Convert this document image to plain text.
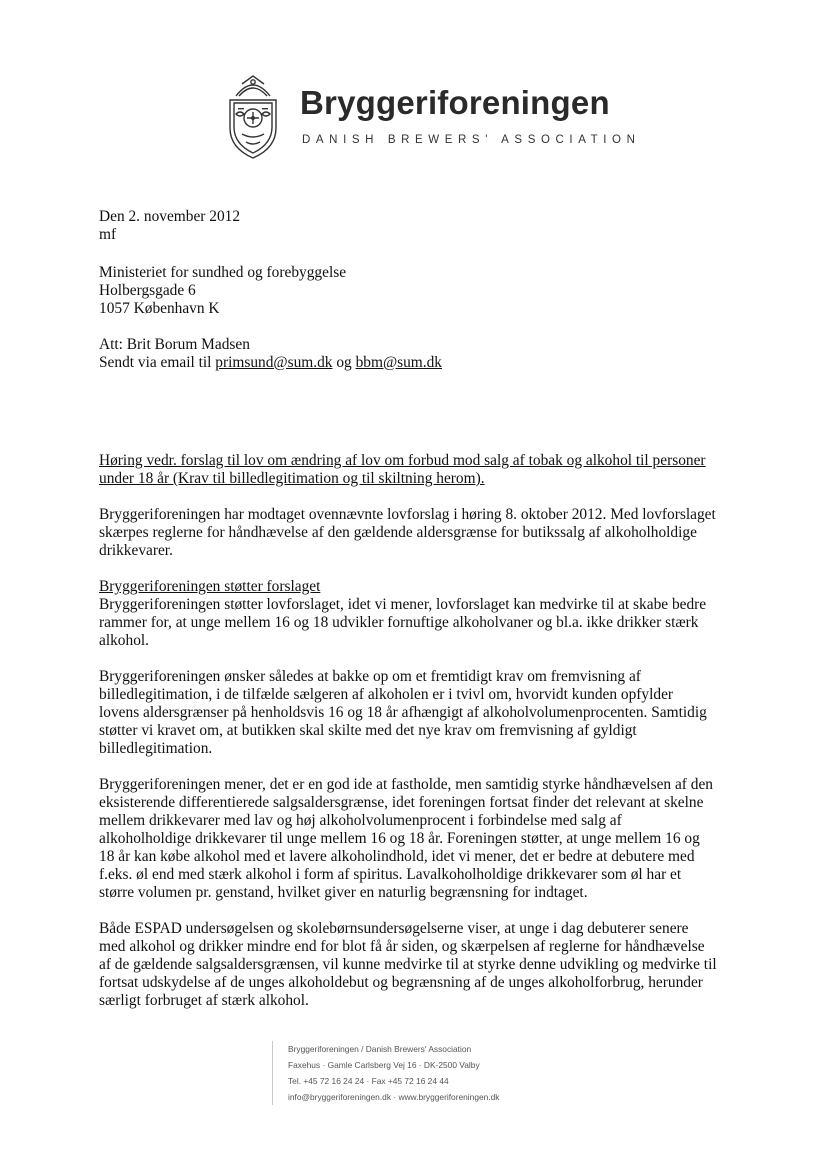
Bryggeriforeningen
DANISH BREWERS' ASSOCIATION
Den 2. november 2012
mf
Ministeriet for sundhed og forebyggelse
Holbergsgade 6
1057 København K
Att: Brit Borum Madsen
Sendt via email til primsund@sum.dk og bbm@sum.dk
Høring vedr. forslag til lov om ændring af lov om forbud mod salg af tobak og alkohol til personer
under 18 år (Krav til billedlegitimation og til skiltning herom).
Bryggeriforeningen har modtaget ovennævnte lovforslag i høring 8. oktober 2012. Med lovforslaget
skærpes reglerne for håndhævelse af den gældende aldersgrænse for butikssalg af alkoholholdige
drikkevarer.
Bryggeriforeningen støtter forslaget
Bryggeriforeningen støtter lovforslaget, idet vi mener, lovforslaget kan medvirke til at skabe bedre
rammer for, at unge mellem 16 og 18 udvikler fornuftige alkoholvaner og bl.a. ikke drikker stærk
alkohol.
Bryggeriforeningen ønsker således at bakke op om et fremtidigt krav om fremvisning af
billedlegitimation, i de tilfælde sælgeren af alkoholen er i tvivl om, hvorvidt kunden opfylder
lovens aldersgrænser på henholdsvis 16 og 18 år afhængigt af alkoholvolumenprocenten. Samtidig
støtter vi kravet om, at butikken skal skilte med det nye krav om fremvisning af gyldigt
billedlegitimation.
Bryggeriforeningen mener, det er en god ide at fastholde, men samtidig styrke håndhævelsen af den
eksisterende differentierede salgsaldersgrænse, idet foreningen fortsat finder det relevant at skelne
mellem drikkevarer med lav og høj alkoholvolumenprocent i forbindelse med salg af
alkoholholdige drikkevarer til unge mellem 16 og 18 år. Foreningen støtter, at unge mellem 16 og
18 år kan købe alkohol med et lavere alkoholindhold, idet vi mener, det er bedre at debutere med
f.eks. øl end med stærk alkohol i form af spiritus. Lavalkoholholdige drikkevarer som øl har et
større volumen pr. genstand, hvilket giver en naturlig begrænsning for indtaget.
Både ESPAD undersøgelsen og skolebørnsundersøgelserne viser, at unge i dag debuterer senere
med alkohol og drikker mindre end for blot få år siden, og skærpelsen af reglerne for håndhævelse
af de gældende salgsaldersgrænsen, vil kunne medvirke til at styrke denne udvikling og medvirke til
fortsat udskydelse af de unges alkoholdebut og begrænsning af de unges alkoholforbrug, herunder
særligt forbruget af stærk alkohol.
Bryggeriforeningen / Danish Brewers' Association
Faxehus · Gamle Carlsberg Vej 16 · DK-2500 Valby
Tel. +45 72 16 24 24 · Fax +45 72 16 24 44
info@bryggeriforeningen.dk · www.bryggeriforeningen.dk
